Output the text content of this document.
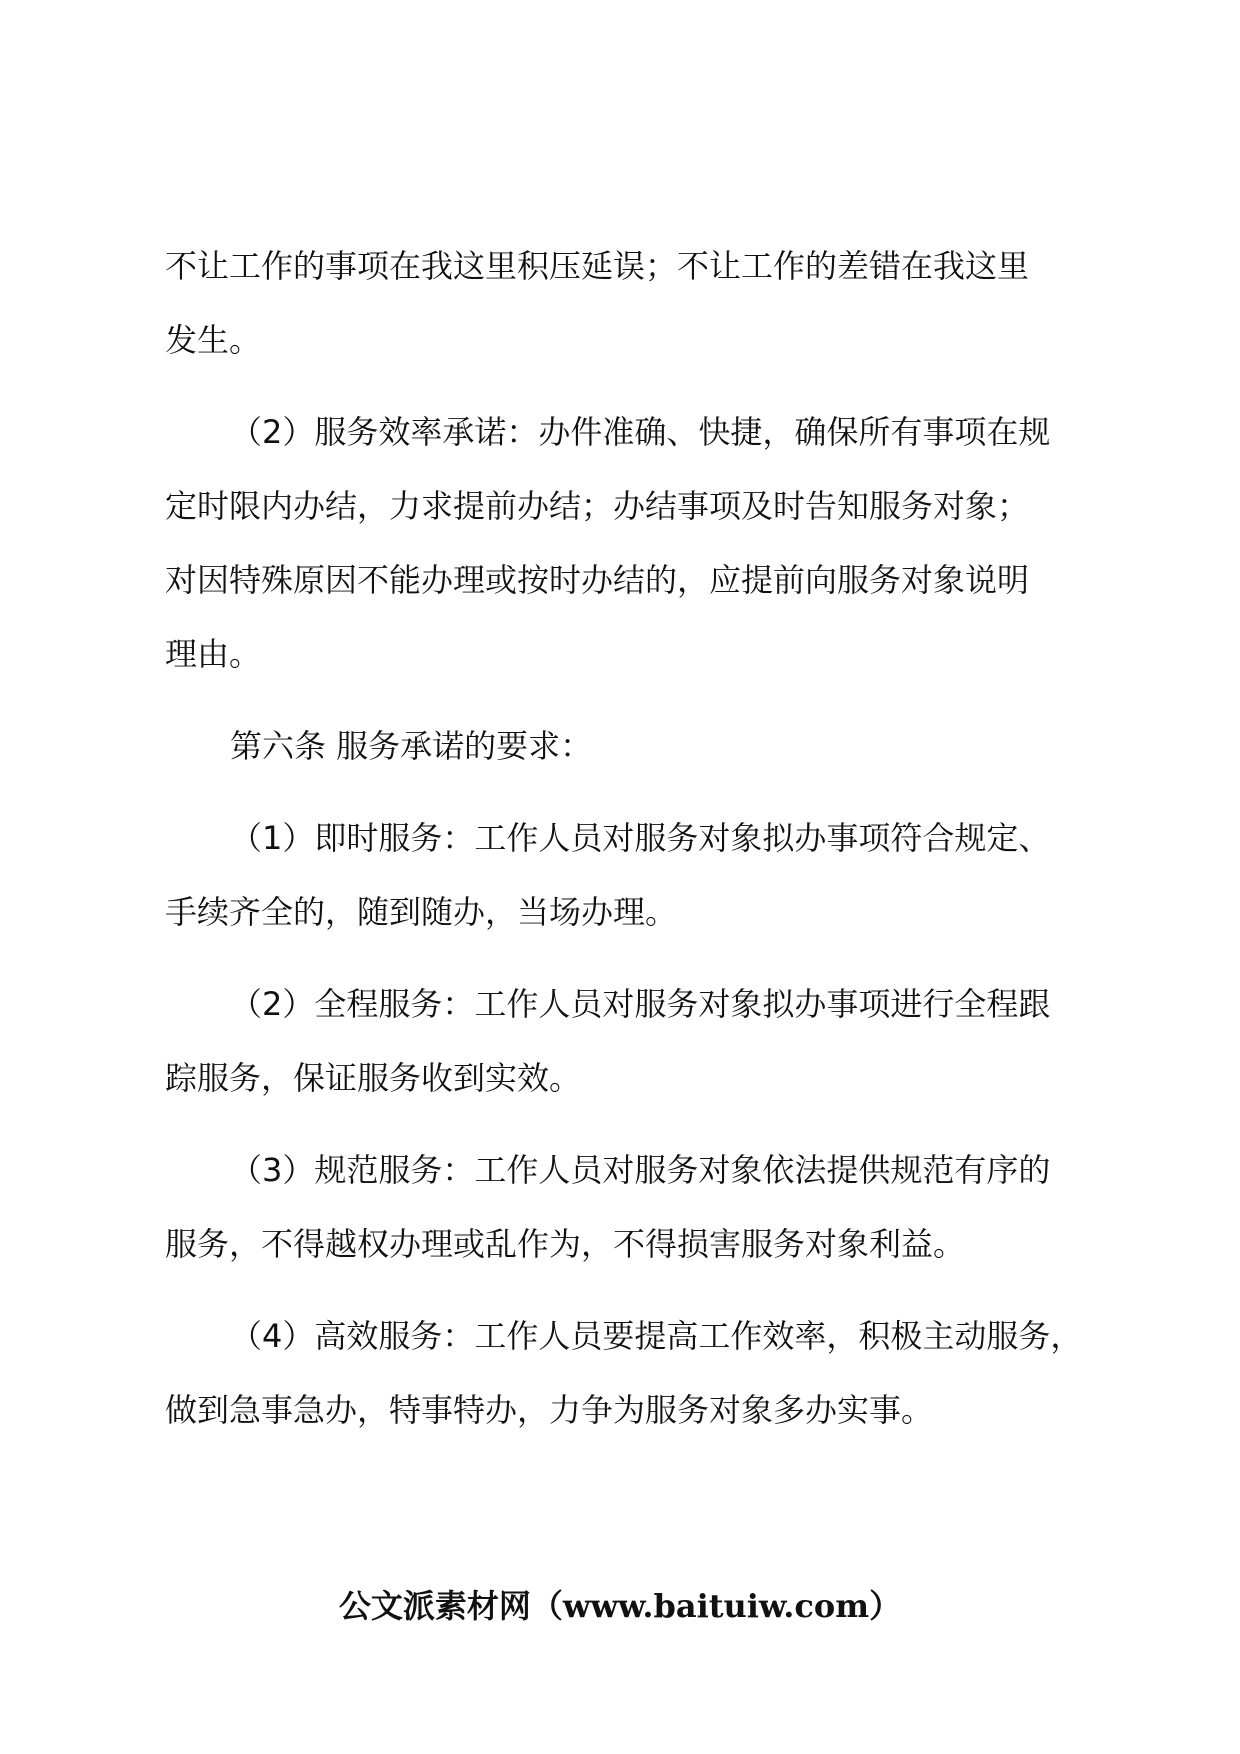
不让工作的事项在我这里积压延误；不让工作的差错在我这里
发生。
（2）服务效率承诺：办件准确、快捷，确保所有事项在规
定时限内办结，力求提前办结；办结事项及时告知服务对象；
对因特殊原因不能办理或按时办结的，应提前向服务对象说明
理由。
第六条 服务承诺的要求：
（1）即时服务：工作人员对服务对象拟办事项符合规定、
手续齐全的，随到随办，当场办理。
（2）全程服务：工作人员对服务对象拟办事项进行全程跟
踪服务，保证服务收到实效。
（3）规范服务：工作人员对服务对象依法提供规范有序的
服务，不得越权办理或乱作为，不得损害服务对象利益。
（4）高效服务：工作人员要提高工作效率，积极主动服务，
做到急事急办，特事特办，力争为服务对象多办实事。
公文派素材网（www.baituiw.com）
